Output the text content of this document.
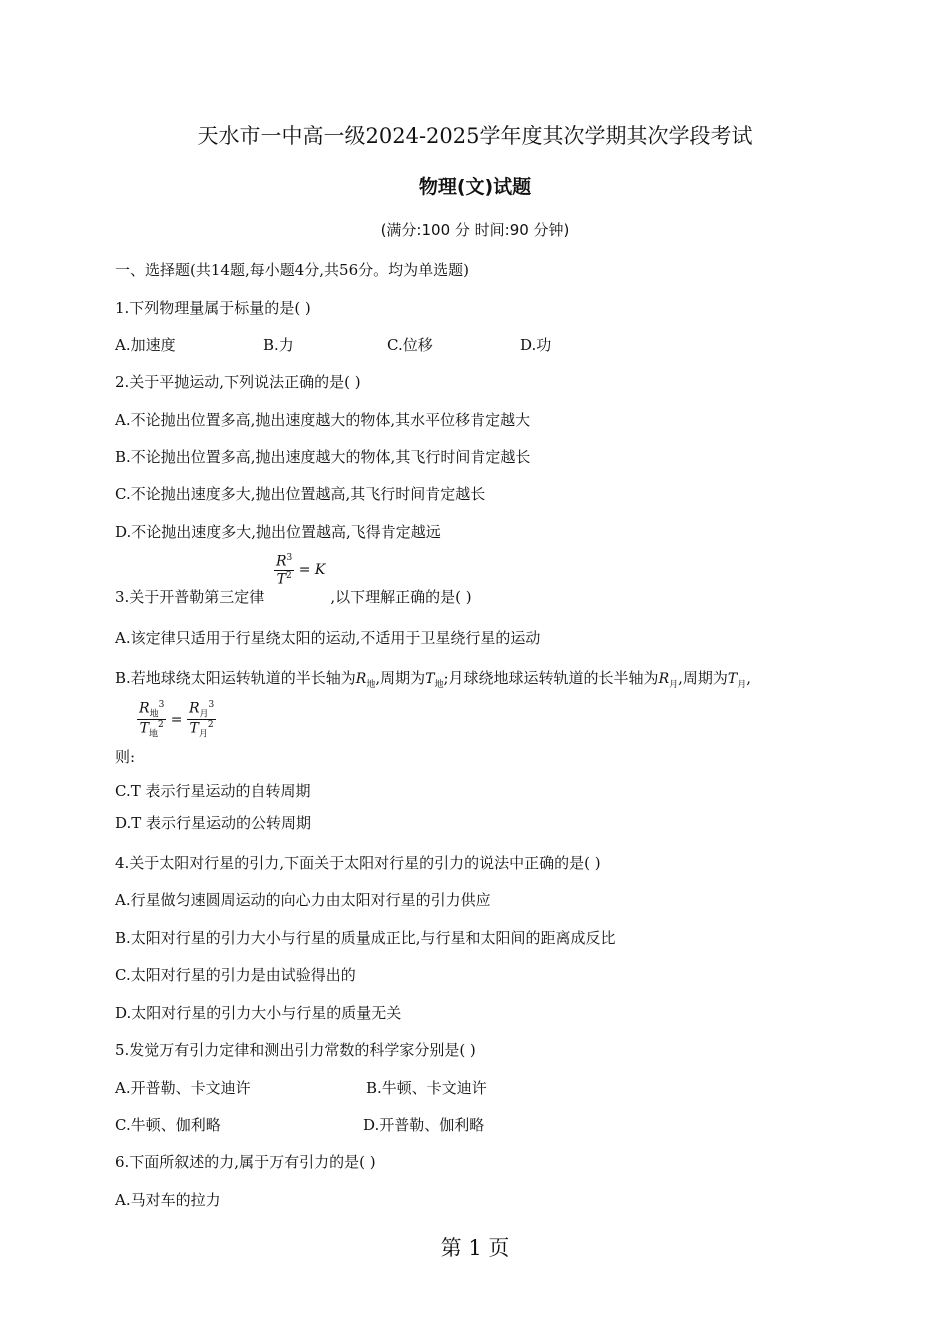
天水市一中高一级2024-2025学年度其次学期其次学段考试
物理(文)试题
(满分:100 分 时间:90 分钟)
一、选择题(共14题,每小题4分,共56分。均为单选题)
1.下列物理量属于标量的是( )
A.加速度	B.力	C.位移	D.功
2.关于平抛运动,下列说法正确的是( )
A.不论抛出位置多高,抛出速度越大的物体,其水平位移肯定越大
B.不论抛出位置多高,抛出速度越大的物体,其飞行时间肯定越长
C.不论抛出速度多大,抛出位置越高,其飞行时间肯定越长
D.不论抛出速度多大,抛出位置越高,飞得肯定越远
3.关于开普勒第三定律	,以下理解正确的是( )
$\frac{R^3}{T^2} = K$
A.该定律只适用于行星绕太阳的运动,不适用于卫星绕行星的运动
B.若地球绕太阳运转轨道的半长轴为$R_地$,周期为$T_地$;月球绕地球运转轨道的长半轴为$R_月$,周期为$T_月$,
$\frac{R_地^3}{T_地^2} = \frac{R_月^3}{T_月^2}$
则:
C.T 表示行星运动的自转周期
D.T 表示行星运动的公转周期
4.关于太阳对行星的引力,下面关于太阳对行星的引力的说法中正确的是( )
A.行星做匀速圆周运动的向心力由太阳对行星的引力供应
B.太阳对行星的引力大小与行星的质量成正比,与行星和太阳间的距离成反比
C.太阳对行星的引力是由试验得出的
D.太阳对行星的引力大小与行星的质量无关
5.发觉万有引力定律和测出引力常数的科学家分别是( )
A.开普勒、卡文迪许	B.牛顿、卡文迪许
C.牛顿、伽利略	D.开普勒、伽利略
6.下面所叙述的力,属于万有引力的是( )
A.马对车的拉力
第 1 页
